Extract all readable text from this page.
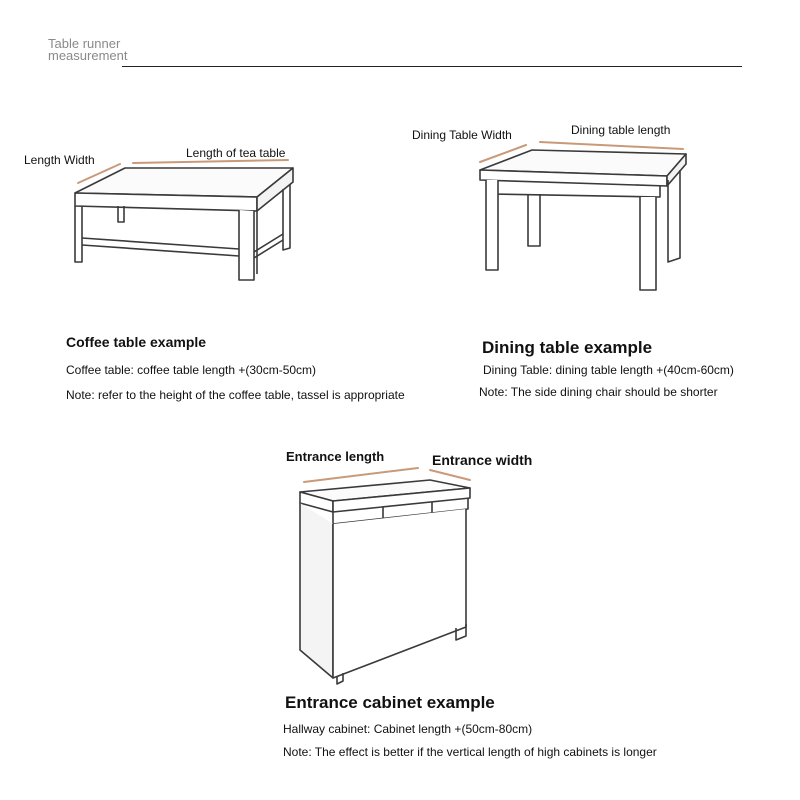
Table runner
measurement
Length Width	Length of tea table
Coffee table example
Coffee table: coffee table length +(30cm-50cm)
Note: refer to the height of the coffee table, tassel is appropriate
Dining Table Width	Dining table length
Dining table example
Dining Table: dining table length +(40cm-60cm)
Note: The side dining chair should be shorter
Entrance length	Entrance width
Entrance cabinet example
Hallway cabinet: Cabinet length +(50cm-80cm)
Note: The effect is better if the vertical length of high cabinets is longer
